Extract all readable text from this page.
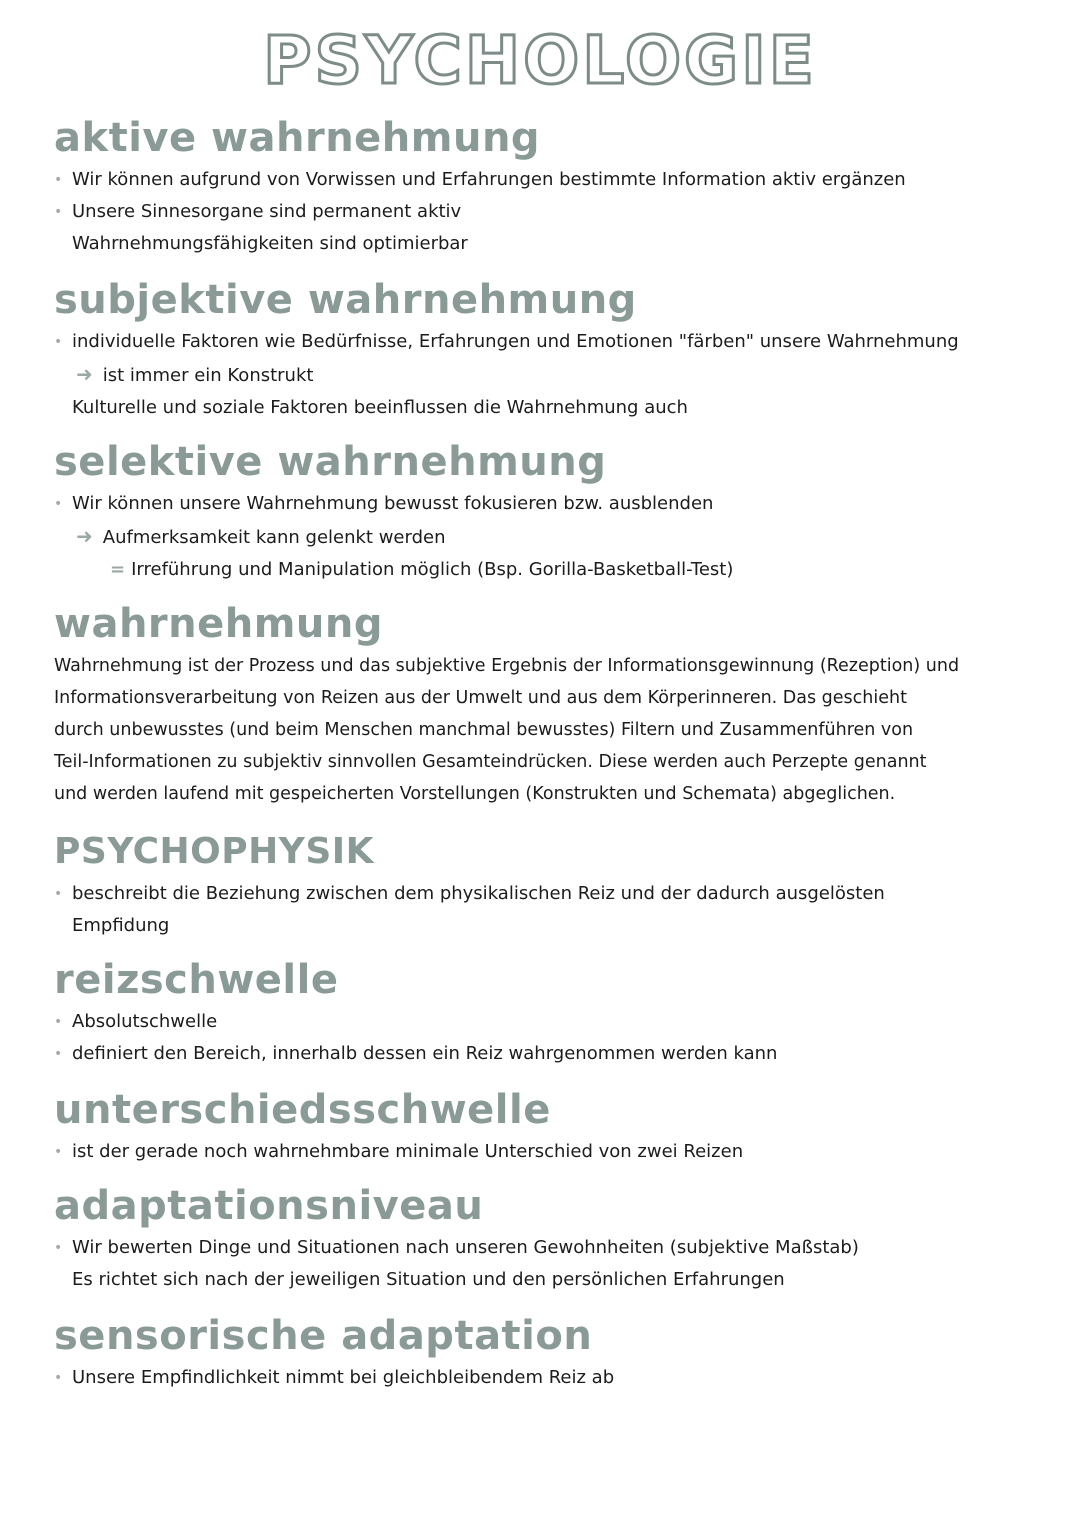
PSYCHOLOGIE
aktive wahrnehmung
• Wir können aufgrund von Vorwissen und Erfahrungen bestimmte Information aktiv ergänzen
• Unsere Sinnesorgane sind permanent aktiv
Wahrnehmungsfähigkeiten sind optimierbar
subjektive wahrnehmung
• individuelle Faktoren wie Bedürfnisse, Erfahrungen und Emotionen "färben" unsere Wahrnehmung
➜ ist immer ein Konstrukt
Kulturelle und soziale Faktoren beeinflussen die Wahrnehmung auch
selektive wahrnehmung
• Wir können unsere Wahrnehmung bewusst fokusieren bzw. ausblenden
➜ Aufmerksamkeit kann gelenkt werden
= Irreführung und Manipulation möglich (Bsp. Gorilla-Basketball-Test)
wahrnehmung
Wahrnehmung ist der Prozess und das subjektive Ergebnis der Informationsgewinnung (Rezeption) und
Informationsverarbeitung von Reizen aus der Umwelt und aus dem Körperinneren. Das geschieht
durch unbewusstes (und beim Menschen manchmal bewusstes) Filtern und Zusammenführen von
Teil-Informationen zu subjektiv sinnvollen Gesamteindrücken. Diese werden auch Perzepte genannt
und werden laufend mit gespeicherten Vorstellungen (Konstrukten und Schemata) abgeglichen.
PSYCHOPHYSIK
• beschreibt die Beziehung zwischen dem physikalischen Reiz und der dadurch ausgelösten
Empfidung
reizschwelle
• Absolutschwelle
• definiert den Bereich, innerhalb dessen ein Reiz wahrgenommen werden kann
unterschiedsschwelle
• ist der gerade noch wahrnehmbare minimale Unterschied von zwei Reizen
adaptationsniveau
• Wir bewerten Dinge und Situationen nach unseren Gewohnheiten (subjektive Maßstab)
Es richtet sich nach der jeweiligen Situation und den persönlichen Erfahrungen
sensorische adaptation
• Unsere Empfindlichkeit nimmt bei gleichbleibendem Reiz ab
